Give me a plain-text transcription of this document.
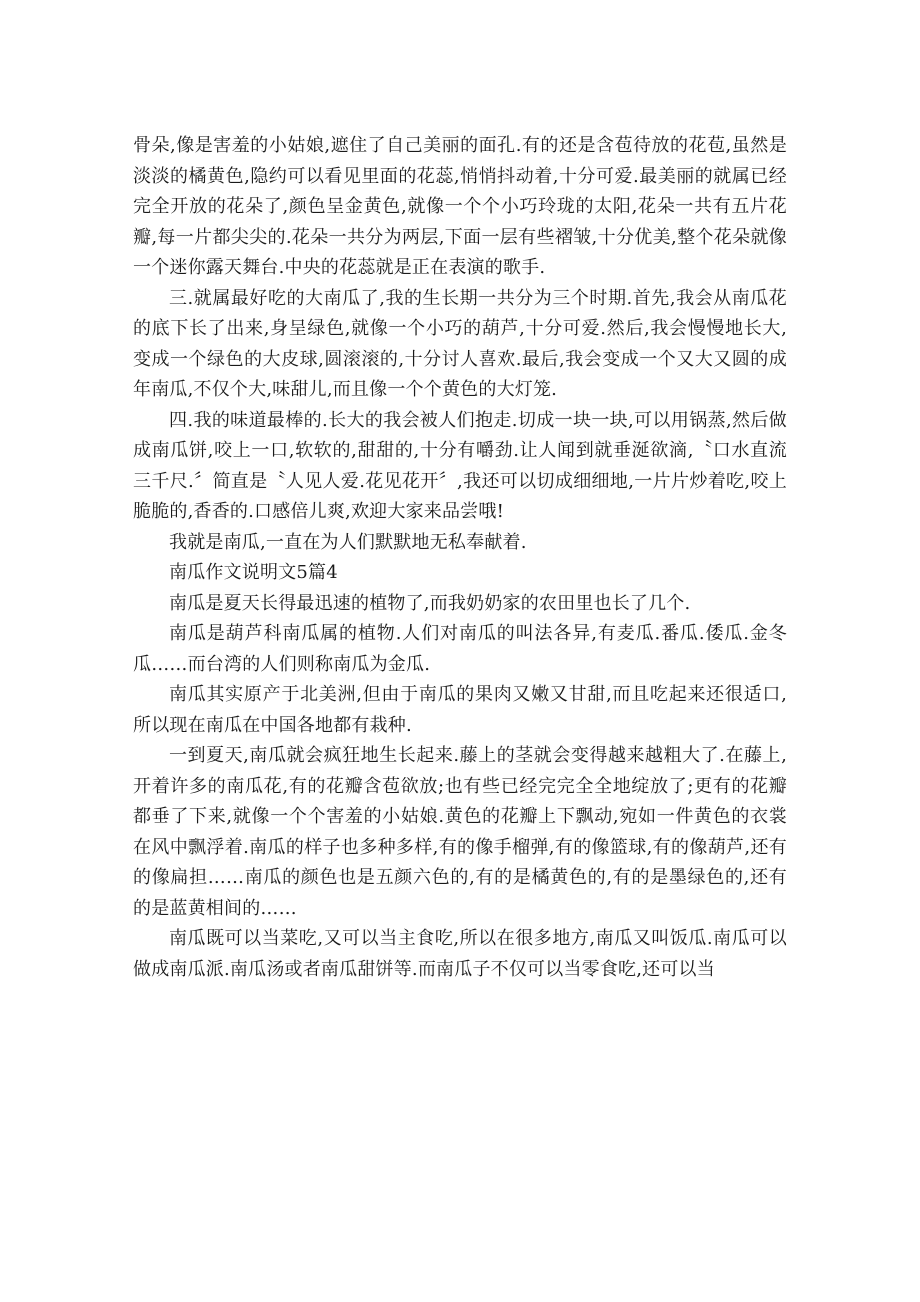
骨朵,像是害羞的小姑娘,遮住了自己美丽的面孔.有的还是含苞待放的花苞,虽然是淡淡的橘黄色,隐约可以看见里面的花蕊,悄悄抖动着,十分可爱.最美丽的就属已经完全开放的花朵了,颜色呈金黄色,就像一个个小巧玲珑的太阳,花朵一共有五片花瓣,每一片都尖尖的.花朵一共分为两层,下面一层有些褶皱,十分优美,整个花朵就像一个迷你露天舞台.中央的花蕊就是正在表演的歌手.

三.就属最好吃的大南瓜了,我的生长期一共分为三个时期.首先,我会从南瓜花的底下长了出来,身呈绿色,就像一个小巧的葫芦,十分可爱.然后,我会慢慢地长大,变成一个绿色的大皮球,圆滚滚的,十分讨人喜欢.最后,我会变成一个又大又圆的成年南瓜,不仅个大,味甜儿,而且像一个个黄色的大灯笼.

四.我的味道最棒的.长大的我会被人们抱走.切成一块一块,可以用锅蒸,然后做成南瓜饼,咬上一口,软软的,甜甜的,十分有嚼劲.让人闻到就垂涎欲滴,〝口水直流三千尺.〞简直是〝人见人爱.花见花开〞,我还可以切成细细地,一片片炒着吃,咬上脆脆的,香香的.口感倍儿爽,欢迎大家来品尝哦!

我就是南瓜,一直在为人们默默地无私奉献着.

南瓜作文说明文5篇4

南瓜是夏天长得最迅速的植物了,而我奶奶家的农田里也长了几个.

南瓜是葫芦科南瓜属的植物.人们对南瓜的叫法各异,有麦瓜.番瓜.倭瓜.金冬瓜……而台湾的人们则称南瓜为金瓜.

南瓜其实原产于北美洲,但由于南瓜的果肉又嫩又甘甜,而且吃起来还很适口,所以现在南瓜在中国各地都有栽种.

一到夏天,南瓜就会疯狂地生长起来.藤上的茎就会变得越来越粗大了.在藤上,开着许多的南瓜花,有的花瓣含苞欲放;也有些已经完完全全地绽放了;更有的花瓣都垂了下来,就像一个个害羞的小姑娘.黄色的花瓣上下飘动,宛如一件黄色的衣裳在风中飘浮着.南瓜的样子也多种多样,有的像手榴弹,有的像篮球,有的像葫芦,还有的像扁担……南瓜的颜色也是五颜六色的,有的是橘黄色的,有的是墨绿色的,还有的是蓝黄相间的……

南瓜既可以当菜吃,又可以当主食吃,所以在很多地方,南瓜又叫饭瓜.南瓜可以做成南瓜派.南瓜汤或者南瓜甜饼等.而南瓜子不仅可以当零食吃,还可以当
